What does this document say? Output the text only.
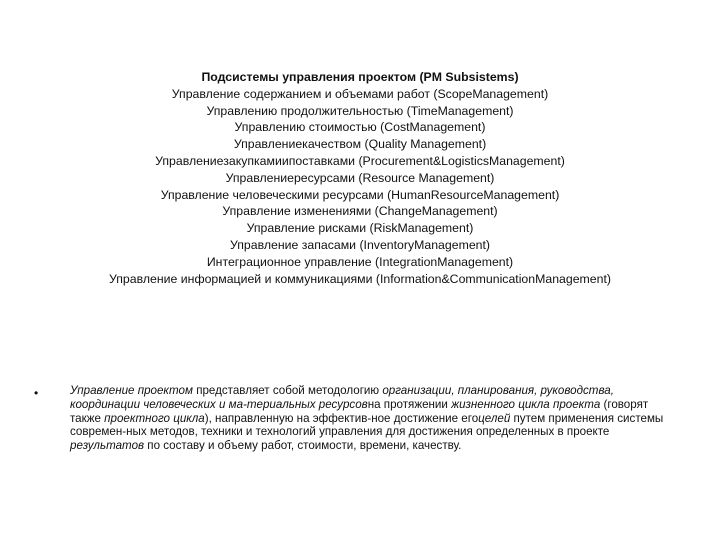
Подсистемы управления проектом (PM Subsistems)
Управление содержанием и объемами работ (ScopeManagement)
Управлению продолжительностью (TimeManagement)
Управлению стоимостью (CostManagement)
Управлениекачеством (Quality Management)
Управлениезакупкамиипоставками (Procurement&LogisticsManagement)
Управлениересурсами (Resource Management)
Управление человеческими ресурсами (HumanResourceManagement)
Управление изменениями (ChangeManagement)
Управление рисками (RiskManagement)
Управление запасами (InventoryManagement)
Интеграционное управление (IntegrationManagement)
Управление информацией и коммуникациями (Information&CommunicationManagement)
•	Управление проектом представляет собой методологию организации, планирования, руководства, координации человеческих и ма-териальных ресурсовна протяжении жизненного цикла проекта (говорят также проектного цикла), направленную на эффектив-ное достижение егоцелей путем применения системы современ-ных методов, техники и технологий управления для достижения определенных в проекте результатов по составу и объему работ, стоимости, времени, качеству.
